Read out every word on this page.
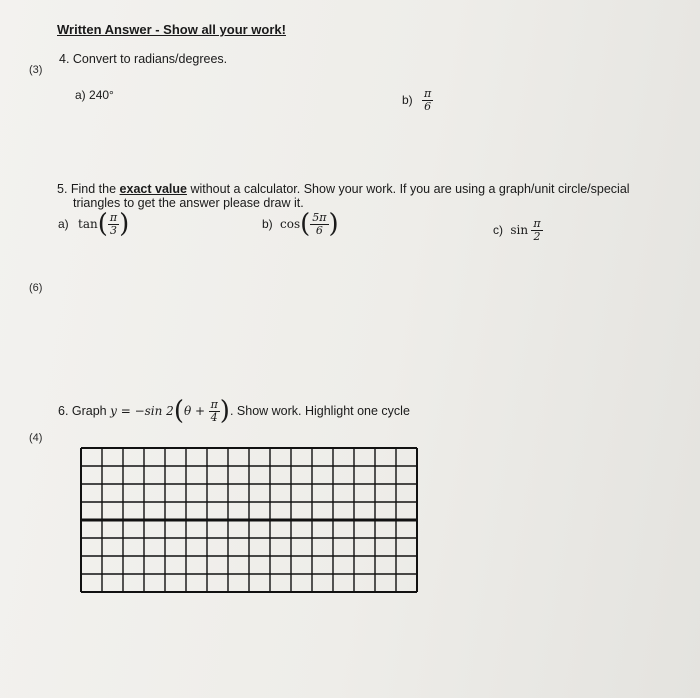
Written Answer - Show all your work!
(3)
4. Convert to radians/degrees.
a) 240°	$b) \frac{\pi}{6}$
5. Find the exact value without a calculator. Show your work. If you are using a graph/unit circle/special
triangles to get the answer please draw it.
a) $\tan( \frac{\pi}{3}$ )	b) $\cos( \frac{5\pi}{6}$ )	c) $\sin \frac{\pi}{2}$
(6)
6. Graph y = −sin $2(\theta + \frac{\pi}{4}$ ). Show work. Highlight one cycle
(4)
